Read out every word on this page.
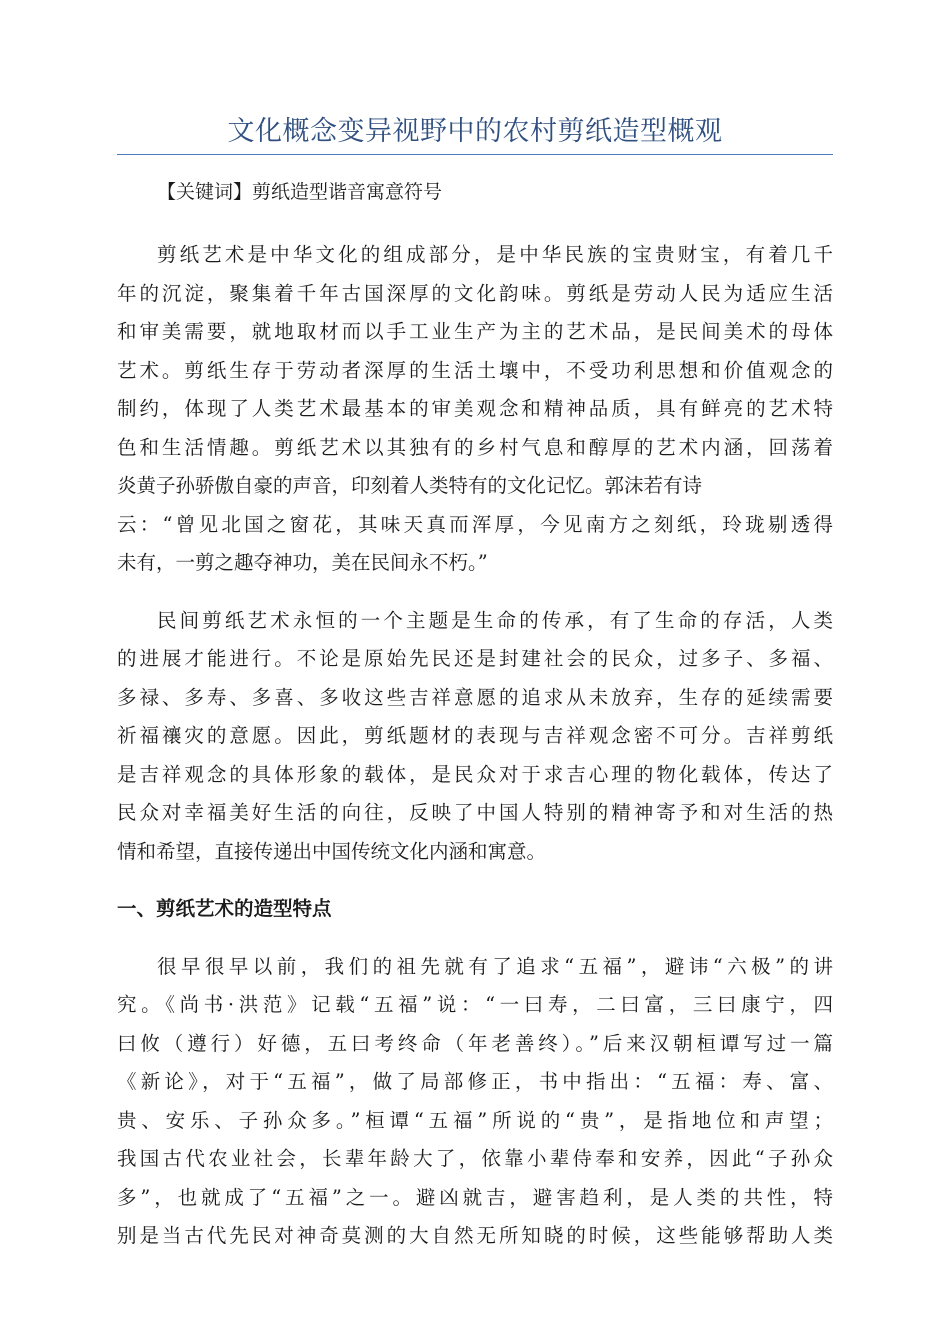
文化概念变异视野中的农村剪纸造型概观

【关键词】剪纸造型谐音寓意符号

剪纸艺术是中华文化的组成部分，是中华民族的宝贵财宝，有着几千
年的沉淀，聚集着千年古国深厚的文化韵味。剪纸是劳动人民为适应生活
和审美需要，就地取材而以手工业生产为主的艺术品，是民间美术的母体
艺术。剪纸生存于劳动者深厚的生活土壤中，不受功利思想和价值观念的
制约，体现了人类艺术最基本的审美观念和精神品质，具有鲜亮的艺术特
色和生活情趣。剪纸艺术以其独有的乡村气息和醇厚的艺术内涵，回荡着
炎黄子孙骄傲自豪的声音，印刻着人类特有的文化记忆。郭沫若有诗
云：“曾见北国之窗花，其味天真而浑厚，今见南方之刻纸，玲珑剔透得
未有，一剪之趣夺神功，美在民间永不朽。”
民间剪纸艺术永恒的一个主题是生命的传承，有了生命的存活，人类
的进展才能进行。不论是原始先民还是封建社会的民众，过多子、多福、
多禄、多寿、多喜、多收这些吉祥意愿的追求从未放弃，生存的延续需要
祈福禳灾的意愿。因此，剪纸题材的表现与吉祥观念密不可分。吉祥剪纸
是吉祥观念的具体形象的载体，是民众对于求吉心理的物化载体，传达了
民众对幸福美好生活的向往，反映了中国人特别的精神寄予和对生活的热
情和希望，直接传递出中国传统文化内涵和寓意。
一、剪纸艺术的造型特点
很早很早以前，我们的祖先就有了追求“五福”，避讳“六极”的讲
究。《尚书·洪范》记载“五福”说：“一曰寿，二曰富，三曰康宁，四
曰攸（遵行）好德，五曰考终命（年老善终）。”后来汉朝桓谭写过一篇
《新论》，对于“五福”，做了局部修正，书中指出：“五福：寿、富、
贵、安乐、子孙众多。”桓谭“五福”所说的“贵”，是指地位和声望；
我国古代农业社会，长辈年龄大了，依靠小辈侍奉和安养，因此“子孙众
多”，也就成了“五福”之一。避凶就吉，避害趋利，是人类的共性，特
别是当古代先民对神奇莫测的大自然无所知晓的时候，这些能够帮助人类
